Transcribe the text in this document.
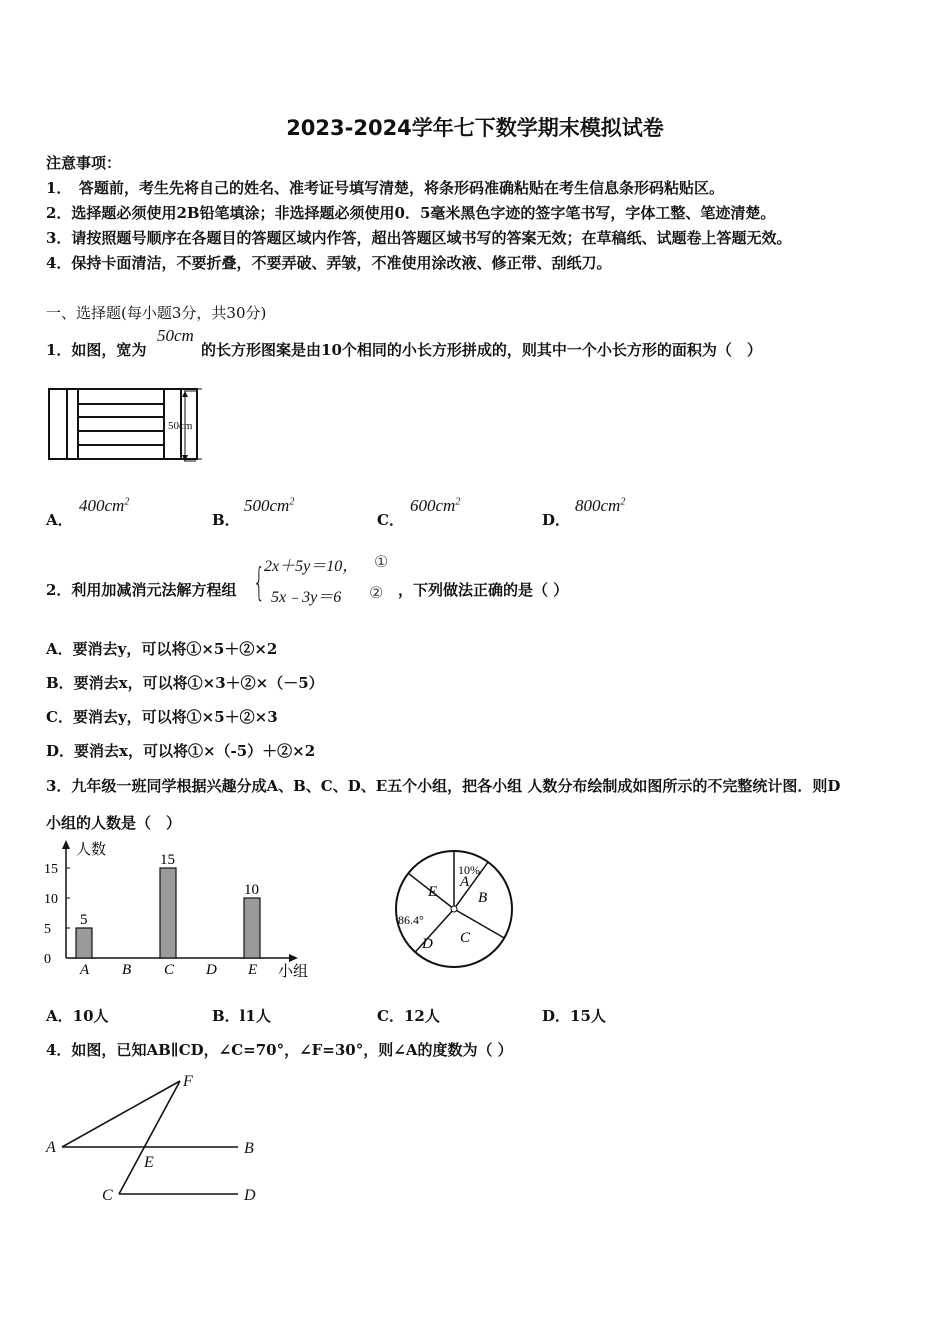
2023-2024学年七下数学期末模拟试卷
注意事项：
1．　答题前，考生先将自己的姓名、准考证号填写清楚，将条形码准确粘贴在考生信息条形码粘贴区。
2．选择题必须使用2B铅笔填涂；非选择题必须使用0．5毫米黑色字迹的签字笔书写，字体工整、笔迹清楚。
3．请按照题号顺序在各题目的答题区域内作答，超出答题区域书写的答案无效；在草稿纸、试题卷上答题无效。
4．保持卡面清洁，不要折叠，不要弄破、弄皱，不准使用涂改液、修正带、刮纸刀。
一、选择题(每小题3分，共30分)
1．如图，宽为
50cm
的长方形图案是由10个相同的小长方形拼成的，则其中一个小长方形的面积为（　）
50cm
A．
$400cm^2$
B．
$500cm^2$
C．
$600cm^2$
D．
$800cm^2$
2．利用加减消元法解方程组 {
2x＋5y＝10， ①
5x﹣3y＝6 ② ，下列做法正确的是（ ）
A．要消去y，可以将①×5＋②×2
B．要消去x，可以将①×3＋②×（－5）
C．要消去y，可以将①×5＋②×3
D．要消去x，可以将①×（-5）＋②×2
3．九年级一班同学根据兴趣分成A、B、C、D、E五个小组，把各小组 人数分布绘制成如图所示的不完整统计图．则D
小组的人数是（　）
人数
小组
0
5
10
15
A
5
B C
15
D E
10	A
10%
B
C
D
86.4°
E
A．10人	B．l1人	C．12人	D．15人
4．如图，已知AB∥CD，∠C=70°，∠F=30°，则∠A的度数为（ ）
A	B
C	D
E
F
